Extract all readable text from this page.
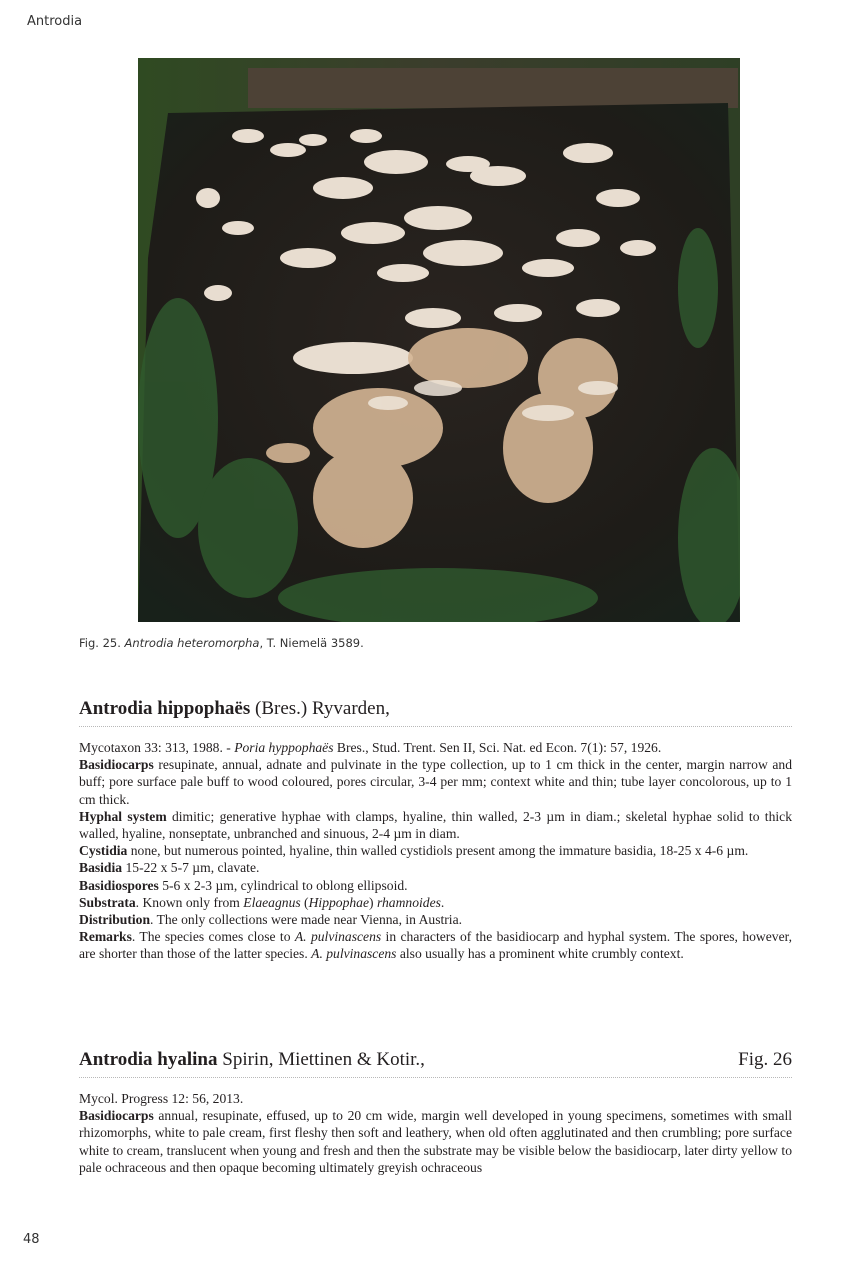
Antrodia
Fig. 25. Antrodia heteromorpha, T. Niemelä 3589.
Antrodia hippophaës (Bres.) Ryvarden,

Mycotaxon 33: 313, 1988. - Poria hyppophaës Bres., Stud. Trent. Sen II, Sci. Nat. ed Econ. 7(1): 57, 1926.

Basidiocarps resupinate, annual, adnate and pulvinate in the type collection, up to 1 cm thick in the center, margin narrow and buff; pore surface pale buff to wood coloured, pores circular, 3-4 per mm; context white and thin; tube layer concolorous, up to 1 cm thick.

Hyphal system dimitic; generative hyphae with clamps, hyaline, thin walled, 2-3 µm in diam.; skeletal hyphae solid to thick walled, hyaline, nonseptate, unbranched and sinuous, 2-4 µm in diam.

Cystidia none, but numerous pointed, hyaline, thin walled cystidiols present among the immature basidia, 18-25 x 4-6 µm.

Basidia 15-22 x 5-7 µm, clavate.

Basidiospores 5-6 x 2-3 µm, cylindrical to oblong ellipsoid.

Substrata. Known only from Elaeagnus (Hippophae) rhamnoides.

Distribution. The only collections were made near Vienna, in Austria.

Remarks. The species comes close to A. pulvinascens in characters of the basidiocarp and hyphal system. The spores, however, are shorter than those of the latter species. A. pulvinascens also usually has a prominent white crumbly context.

Antrodia hyalina Spirin, Miettinen & Kotir.,	Fig. 26

Mycol. Progress 12: 56, 2013.

Basidiocarps annual, resupinate, effused, up to 20 cm wide, margin well developed in young specimens, sometimes with small rhizomorphs, white to pale cream, first fleshy then soft and leathery, when old often agglutinated and then crumbling; pore surface white to cream, translucent when young and fresh and then the substrate may be visible below the basidiocarp, later dirty yellow to pale ochraceous and then opaque becoming ultimately greyish ochraceous

48
